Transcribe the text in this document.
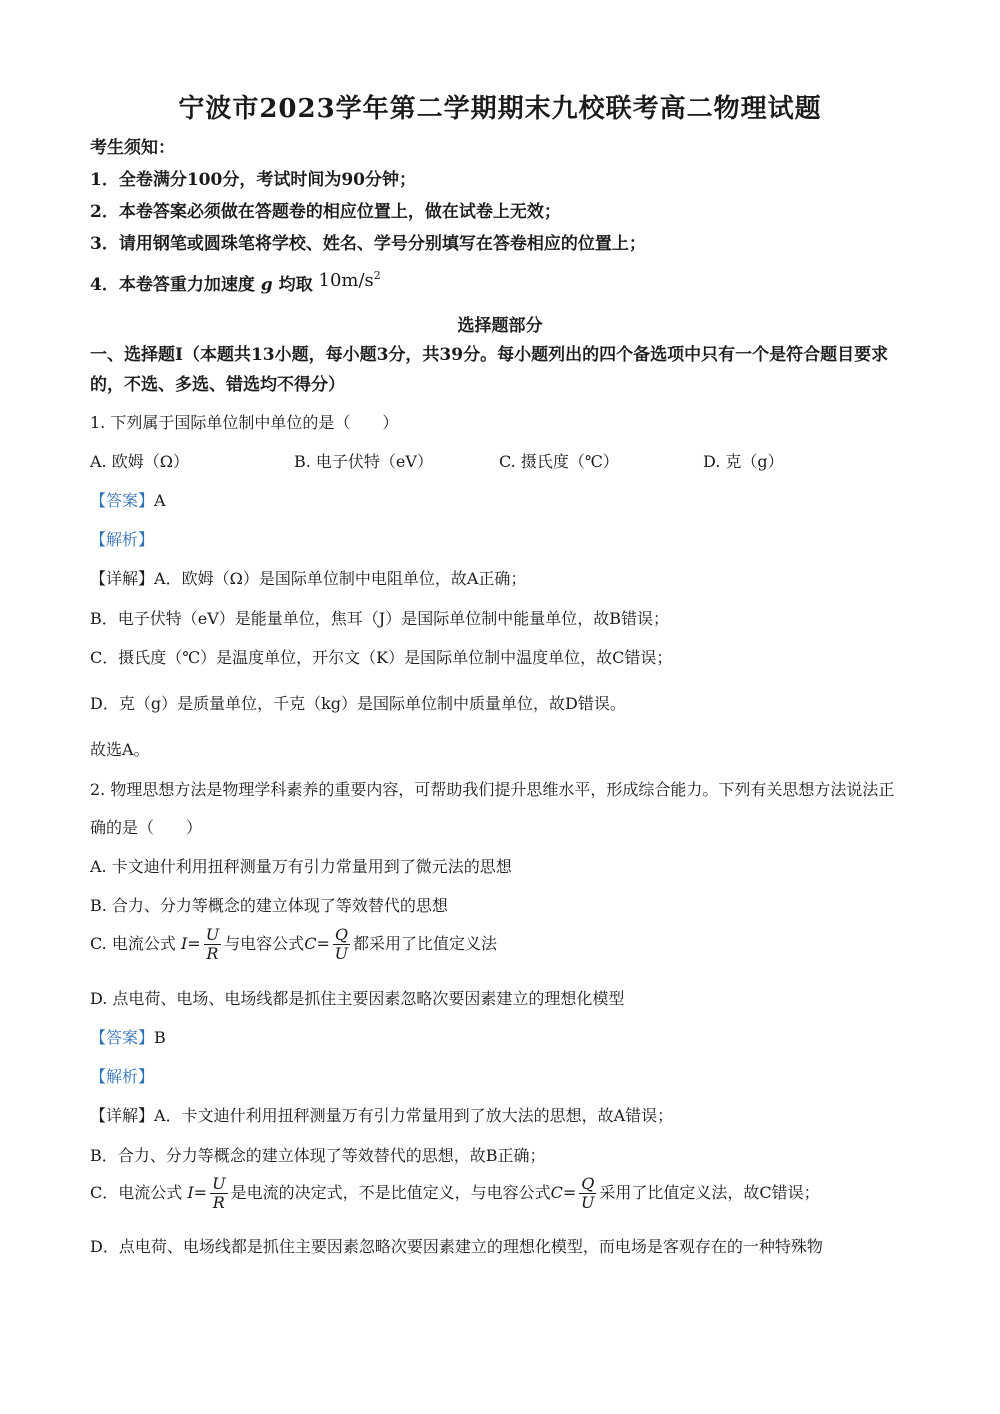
宁波市2023学年第二学期期末九校联考高二物理试题
考生须知：
1．全卷满分100分，考试时间为90分钟；
2．本卷答案必须做在答题卷的相应位置上，做在试卷上无效；
3．请用钢笔或圆珠笔将学校、姓名、学号分别填写在答卷相应的位置上；
4．本卷答重力加速度 g 均取 $10m/s^2$
选择题部分
一、选择题I（本题共13小题，每小题3分，共39分。每小题列出的四个备选项中只有一个是符合题目要求的，不选、多选、错选均不得分）
1. 下列属于国际单位制中单位的是（　　）
A. 欧姆（Ω）	B. 电子伏特（eV）	C. 摄氏度（℃）	D. 克（g）
【答案】A
【解析】
【详解】A．欧姆（Ω）是国际单位制中电阻单位，故A正确；
B．电子伏特（eV）是能量单位，焦耳（J）是国际单位制中能量单位，故B错误；
C．摄氏度（℃）是温度单位，开尔文（K）是国际单位制中温度单位，故C错误；
D．克（g）是质量单位，千克（kg）是国际单位制中质量单位，故D错误。
故选A。
2. 物理思想方法是物理学科素养的重要内容，可帮助我们提升思维水平，形成综合能力。下列有关思想方法说法正确的是（　　）
A. 卡文迪什利用扭秤测量万有引力常量用到了微元法的思想
B. 合力、分力等概念的建立体现了等效替代的思想
C. 电流公式 $I= \frac{U}{R}$ 与电容公式$C= \frac{Q}{U}$ 都采用了比值定义法
D. 点电荷、电场、电场线都是抓住主要因素忽略次要因素建立的理想化模型
【答案】B
【解析】
【详解】A．卡文迪什利用扭秤测量万有引力常量用到了放大法的思想，故A错误；
B．合力、分力等概念的建立体现了等效替代的思想，故B正确；
C．电流公式 $I= \frac{U}{R}$ 是电流的决定式，不是比值定义，与电容公式$C= \frac{Q}{U}$ 采用了比值定义法，故C错误；
D．点电荷、电场线都是抓住主要因素忽略次要因素建立的理想化模型，而电场是客观存在的一种特殊物
